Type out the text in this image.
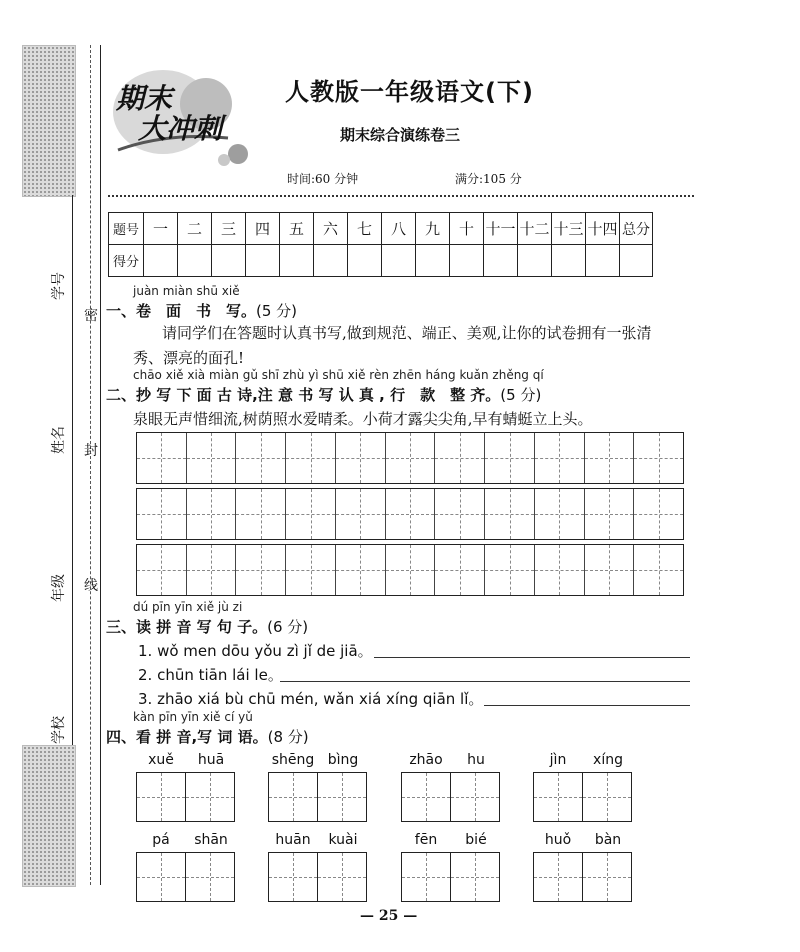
学号
姓名
年级
学校
密
封
线
期末
大冲刺
人教版一年级语文(下)
期末综合演练卷三
时间:60 分钟	满分:105 分
题号	一	二	三	四	五	六	七	八	九	十	十一	十二	十三	十四	总分
得分															
juàn miàn shū xiě
一、卷　面　书　写。(5 分)
请同学们在答题时认真书写,做到规范、端正、美观,让你的试卷拥有一张清
秀、漂亮的面孔!
chāo xiě xià miàn gǔ shī zhù yì shū xiě rèn zhēn háng kuǎn zhěng qí
二、抄 写 下 面 古 诗,注 意 书 写 认 真 , 行　款　整 齐。(5 分)
泉眼无声惜细流,树荫照水爱晴柔。小荷才露尖尖角,早有蜻蜓立上头。
dú pīn yīn xiě jù zi
三、读 拼 音 写 句 子。(6 分)
1. wǒ men dōu yǒu zì jǐ de jiā。
2. chūn tiān lái le。
3. zhāo xiá bù chū mén, wǎn xiá xíng qiān lǐ。
kàn pīn yīn xiě cí yǔ
四、看 拼 音,写 词 语。(8 分)
xuě	huā	shēng bìng	zhāo	hu	jìn	xíng
pá	shān	huān	kuài	fēn	bié	huǒ	bàn
— 25 —
